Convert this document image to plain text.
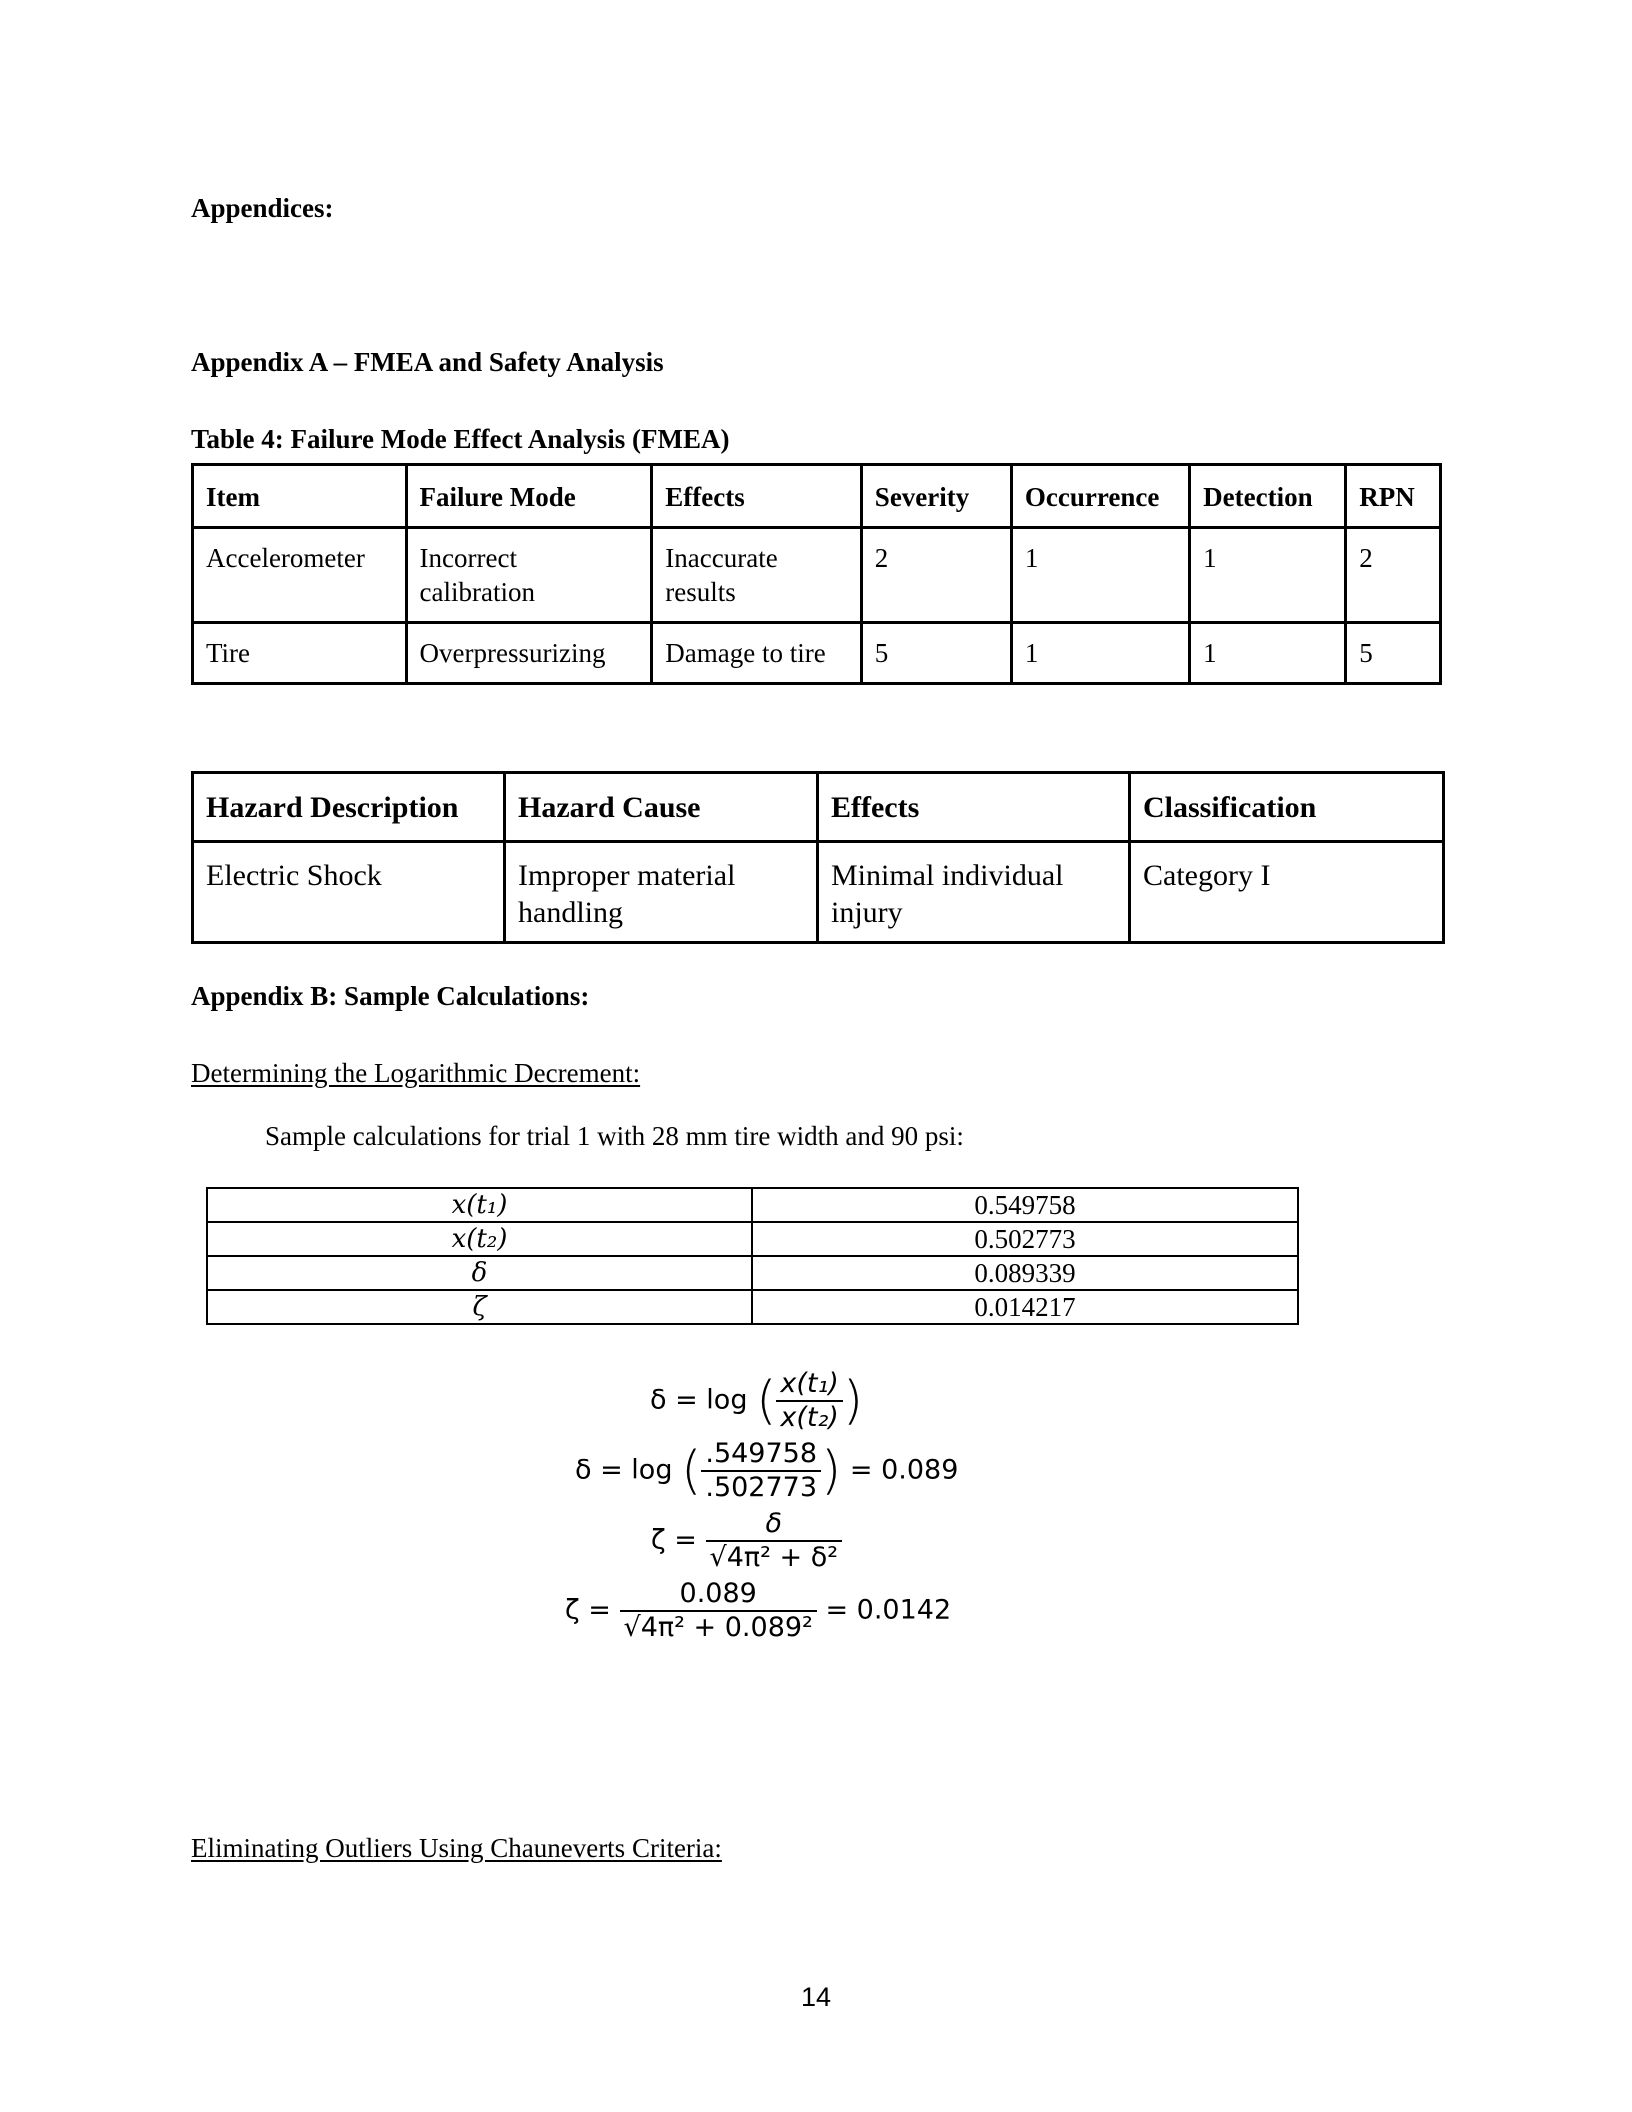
Appendices:
Appendix A – FMEA and Safety Analysis
Table 4: Failure Mode Effect Analysis (FMEA)
Item	Failure Mode	Effects	Severity	Occurrence	Detection	RPN
Accelerometer	Incorrect calibration	Inaccurate results	2	1	1	2
Tire	Overpressurizing	Damage to tire	5	1	1	5
Hazard Description	Hazard Cause	Effects	Classification
Electric Shock	Improper material handling	Minimal individual injury	Category I
Appendix B: Sample Calculations:
Determining the Logarithmic Decrement:
Sample calculations for trial 1 with 28 mm tire width and 90 psi:
x(t₁)	0.549758
x(t₂)	0.502773
δ	0.089339
ζ	0.014217
δ = log ( $\frac{\text{x(t₁)}}{\text{x(t₂)}}$ )
δ = log ( $\frac{.549758}{.502773}$ ) = 0.089
$\zeta = \frac{\delta}{\text{√4π² + δ²}}$
$\zeta = \frac{0.089}{\text{√4π² + 0.089²}} = 0.0142$
Eliminating Outliers Using Chauneverts Criteria:
14
